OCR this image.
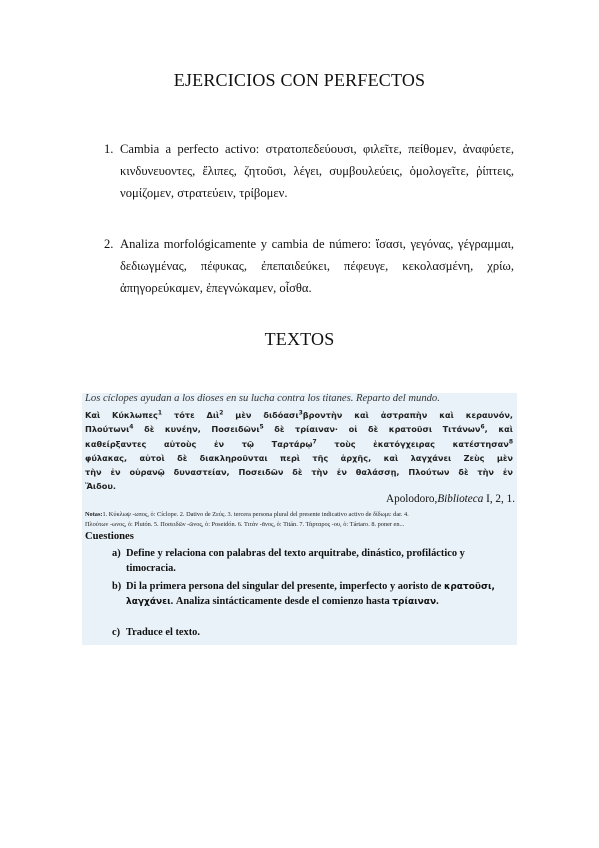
EJERCICIOS CON PERFECTOS
1. Cambia a perfecto activo: στρατοπεδεύουσι, φιλεῖτε, πείθομεν, ἀναφύετε, κινδυνευοντες, ἔλιπες, ζητοῦσι, λέγει, συμβουλεύεις, ὁμολογεῖτε, ῥίπτεις, νομίζομεν, στρατεύειν, τρίβομεν.
2. Analiza morfológicamente y cambia de número: ἴσασι, γεγόνας, γέγραμμαι, δεδιωγμένας, πέφυκας, ἐπεπαιδεύκει, πέφευγε, κεκολασμένη, χρίω, ἀπηγορεύκαμεν, ἐπεγνώκαμεν, οἶσθα.
TEXTOS
Los cíclopes ayudan a los dioses en su lucha contra los titanes. Reparto del mundo.
Καὶ Κύκλωπες$^1$ τότε Διὶ$^2$ μὲν διδόασι$^3$βροντὴν καὶ ἀστραπὴν καὶ κεραυνόν,
Πλούτωνι$^4$ δὲ κυνέην, Ποσειδῶνι$^5$ δὲ τρίαιναν· οἱ δὲ κρατοῦσι Τιτάνων$^6$, καὶ
καθείρξαντες αὐτοὺς ἐν τῷ Ταρτάρῳ$^7$ τοὺς ἑκατόγχειρας κατέστησαν$^8$
φύλακας, αὐτοὶ δὲ διακληροῦνται περὶ τῆς ἀρχῆς, καὶ λαγχάνει Ζεὺς μὲν
τὴν ἐν οὐρανῷ δυναστείαν, Ποσειδῶν δὲ τὴν ἐν θαλάσσῃ, Πλούτων δὲ τὴν ἐν
Ἅιδου.
Apolodoro,Biblioteca I, 2, 1.
Notas:1. Κύκλωψ -ωπος, ὁ: Cíclope. 2. Dativo de Ζεύς. 3. tercera persona plural del presente indicativo activo de δίδωμι: dar. 4.
Πλούτων -ωνος, ὁ: Plutón. 5. Ποσειδῶν -ῶνος, ὁ: Poseidón. 6. Τιτάν -ᾶνος, ὁ: Titán. 7. Τάρταρος -ου, ὁ: Tártaro. 8. poner en...
Cuestiones
a) Define y relaciona con palabras del texto arquitrabe, dinástico, profiláctico y timocracia.
b) Di la primera persona del singular del presente, imperfecto y aoristo de κρατοῦσι, λαγχάνει. Analiza sintácticamente desde el comienzo hasta τρίαιναν.
c) Traduce el texto.
